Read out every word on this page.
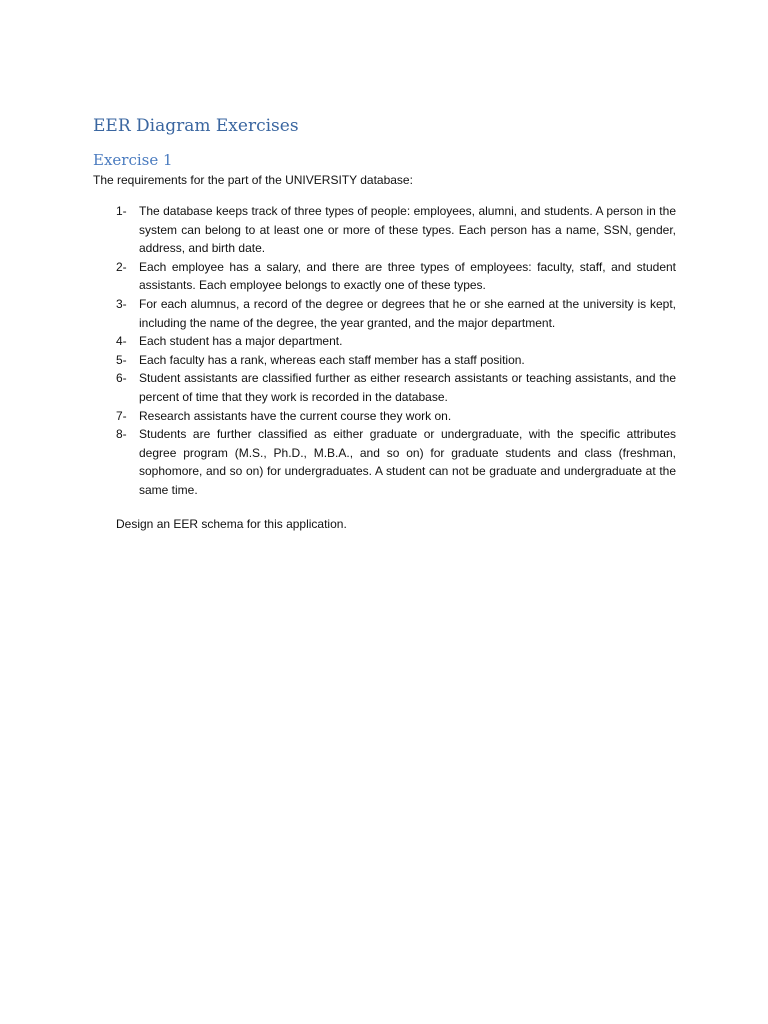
EER Diagram Exercises
Exercise 1

The requirements for the part of the UNIVERSITY database:

1-	The database keeps track of three types of people: employees, alumni, and students. A person in the system can belong to at least one or more of these types. Each person has a name, SSN, gender, address, and birth date.
2-	Each employee has a salary, and there are three types of employees: faculty, staff, and student assistants. Each employee belongs to exactly one of these types.
3-	For each alumnus, a record of the degree or degrees that he or she earned at the university is kept, including the name of the degree, the year granted, and the major department.
4-	Each student has a major department.
5-	Each faculty has a rank, whereas each staff member has a staff position.
6-	Student assistants are classified further as either research assistants or teaching assistants, and the percent of time that they work is recorded in the database.
7-	Research assistants have the current course they work on.
8-	Students are further classified as either graduate or undergraduate, with the specific attributes degree program (M.S., Ph.D., M.B.A., and so on) for graduate students and class (freshman, sophomore, and so on) for undergraduates. A student can not be graduate and undergraduate at the same time.

Design an EER schema for this application.
